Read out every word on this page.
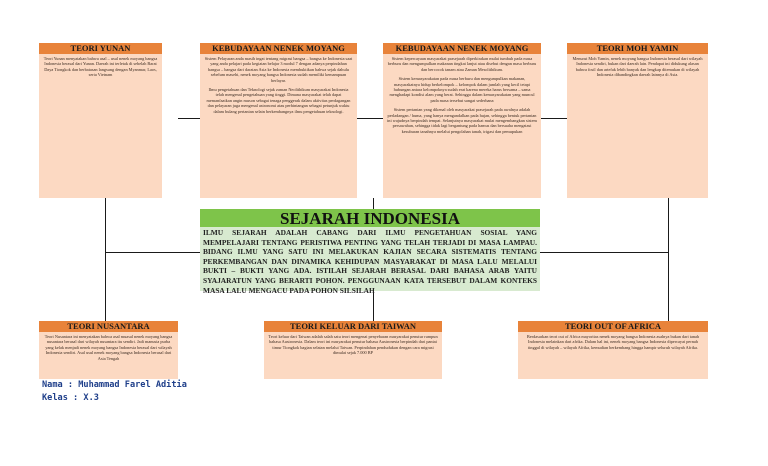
TEORI YUNAN

Teori Yunan menyatakan bahwa asal – usul nenek moyang bangsa Indonesia berasal dari Yunan. Daerah ini terletak di sebelah Barat Daya Tiongkok dan berbatasan langsung dengan Myanmar, Laos, serta Vietnam

KEBUDAYAAN NENEK MOYANG

Sistem Pelayaran anda masih ingat tentang migrasi bangsa – bangsa ke Indonesia saat yang anda pelajari pada kegiatan belajar 3 modul 7 dengan adanya perpindahan bangsa – bangsa dari daratan Asia ke Indonesia membuktikan bahwa sejak dahulu sebelum masehi, nenek moyang bangsa Indonesia sudah memiliki kemampuan berlayar.

Ilmu pengetahuan dan Teknologi sejak zaman Neolithikum masyarakat Indonesia telah mengenal pengetahuan yang tinggi. Dimana masyarakat telah dapat memanfaatkan angin muson sebagai tenaga penggerak dalam aktivitas perdagangan dan pelayaran juga mengenal astronomi atau perbintangan sebagai petunjuk waktu dalam bulang pertanian selain berkembangnya ilmu pengetahuan teknologi.

KEBUDAYAAN NENEK MOYANG

Sistem kepercayaan masyarakat prasejarah diperkirakan mulai tumbuh pada masa berburu dan mengumpulkan makanan tingkat lanjut atau disebut dengan masa berburu dan bercocok tanam atau Zaman Mesolithikum.

Sistem kemasyarakatan pada masa berburu dan mengumpulkan makanan, masyarakatnya hidup berkelompok – kelompok dalam jumlah yang kecil tetapi hubungan antara kelompoknya sudah erat karena mereka harus bersama – sama menghadapi kondisi alam yang berat. Sehingga dalam kemasyarakatan yang muncul pada masa tersebut sangat sederhana

Sistem pertanian yang dikenal oleh masyarakat prasejarah pada awalnya adalah perladangan / huma, yang hanya mengandalkan pada hujan, sehingga bentuk pertanian ini wajudnya berpindah tempat. Selanjutnya masyarakat mulai mengembangkan sistem persawahan, sehingga tidak lagi bergantung pada hamus dan bersuaha mengatasi kesuburan tanahnya melalui pengolahan tanah, irigasi dan pemupukan

TEORI MOH YAMIN

Menurut Moh Yamin, nenek moyang bangsa Indonesia berasal dari wilayah Indonesia sendiri, bukan dari daerah lain. Pendapat ini didukung alasan bahwa fosil dan artefak lebih banyak dan lengkap ditemukan di wilayah Indonesia dibandingkan daerah lainnya di Asia.

SEJARAH INDONESIA
ILMU SEJARAH ADALAH CABANG DARI ILMU PENGETAHUAN SOSIAL YANG MEMPELAJARI TENTANG PERISTIWA PENTING YANG TELAH TERJADI DI MASA LAMPAU. BIDANG ILMU YANG SATU INI MELAKUKAN KAJIAN SECARA SISTEMATIS TENTANG PERKEMBANGAN DAN DINAMIKA KEHIDUPAN MASYARAKAT DI MASA LALU MELALUI BUKTI – BUKTI YANG ADA. ISTILAH SEJARAH BERASAL DARI BAHASA ARAB YAITU SYAJARATUN YANG BERARTI POHON. PENGGUNAAN KATA TERSEBUT DALAM KONTEKS MASA LALU MENGACU PADA POHON SILSILAH
TEORI NUSANTARA

Teori Nusantara ini menyatakan bahwa asal muasal nenek moyang bangsa nusantara berasal dari wilayah nusantara itu sendiri. Jadi manusia purba yang kelak menjadi nenek moyang bangsa Indonesia berasal dari wilayah Indonesia sendiri. Asal usul nenek moyang bangsa Indonesia berasal dari Asia Tengah

TEORI KELUAR DARI TAIWAN

Teori keluar dari Taiwan adalah salah satu teori mengenai penyebaran masyarakat penutur rumpun bahasa Austronesia. Dalam teori ini masyarakat penutur bahasa Austronesia berpindah dari pantai timur Tiongkok bagian selatan melalui Taiwan. Perpindahan pendudukan dengan cara migrasi dimulai sejak 7.000 BP

TEORI OUT OF AFRICA

Berdasarkan teori out of Africa mayoritas nenek moyang bangsa Indonesia asalnya bukan dari tanah Indonesia melainkan dari afrika. Dalam hal ini, nenek moyang bangsa Indonesia diperca‌yai pernah tinggal di wilayah – wilayah Afrika, kemudian berkembang hingga hampir seluruh wilayah Afrika.

Nama : Muhammad Farel Aditia
Kelas : X.3
